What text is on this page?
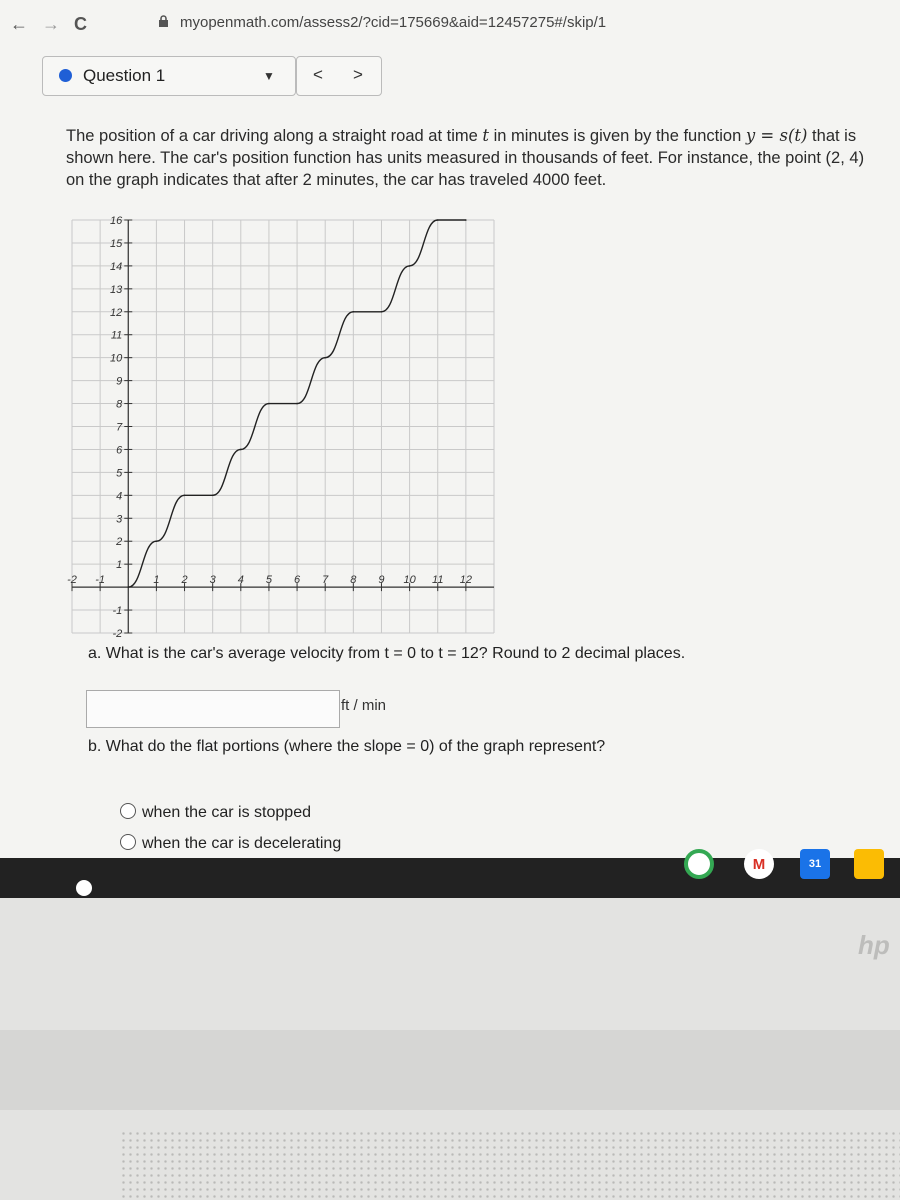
← → C	myopenmath.com/assess2/?cid=175669&aid=12457275#/skip/1
Question 1	▼ < >
The position of a car driving along a straight road at time t in minutes is given by the function y = s(t) that is shown here. The car's position function has units measured in thousands of feet. For instance, the point (2, 4) on the graph indicates that after 2 minutes, the car has traveled 4000 feet.
-2 -1	1 2 3 4 5 6 7 8 9 10 11 12
16
15
14
13
12
11
10
9
8
7
6
5
4
3
2
1
-1
-2
a. What is the car's average velocity from t = 0 to t = 12? Round to 2 decimal places.
ft / min
b. What do the flat portions (where the slope = 0) of the graph represent?
when the car is stopped
when the car is decelerating
M	31
hp
